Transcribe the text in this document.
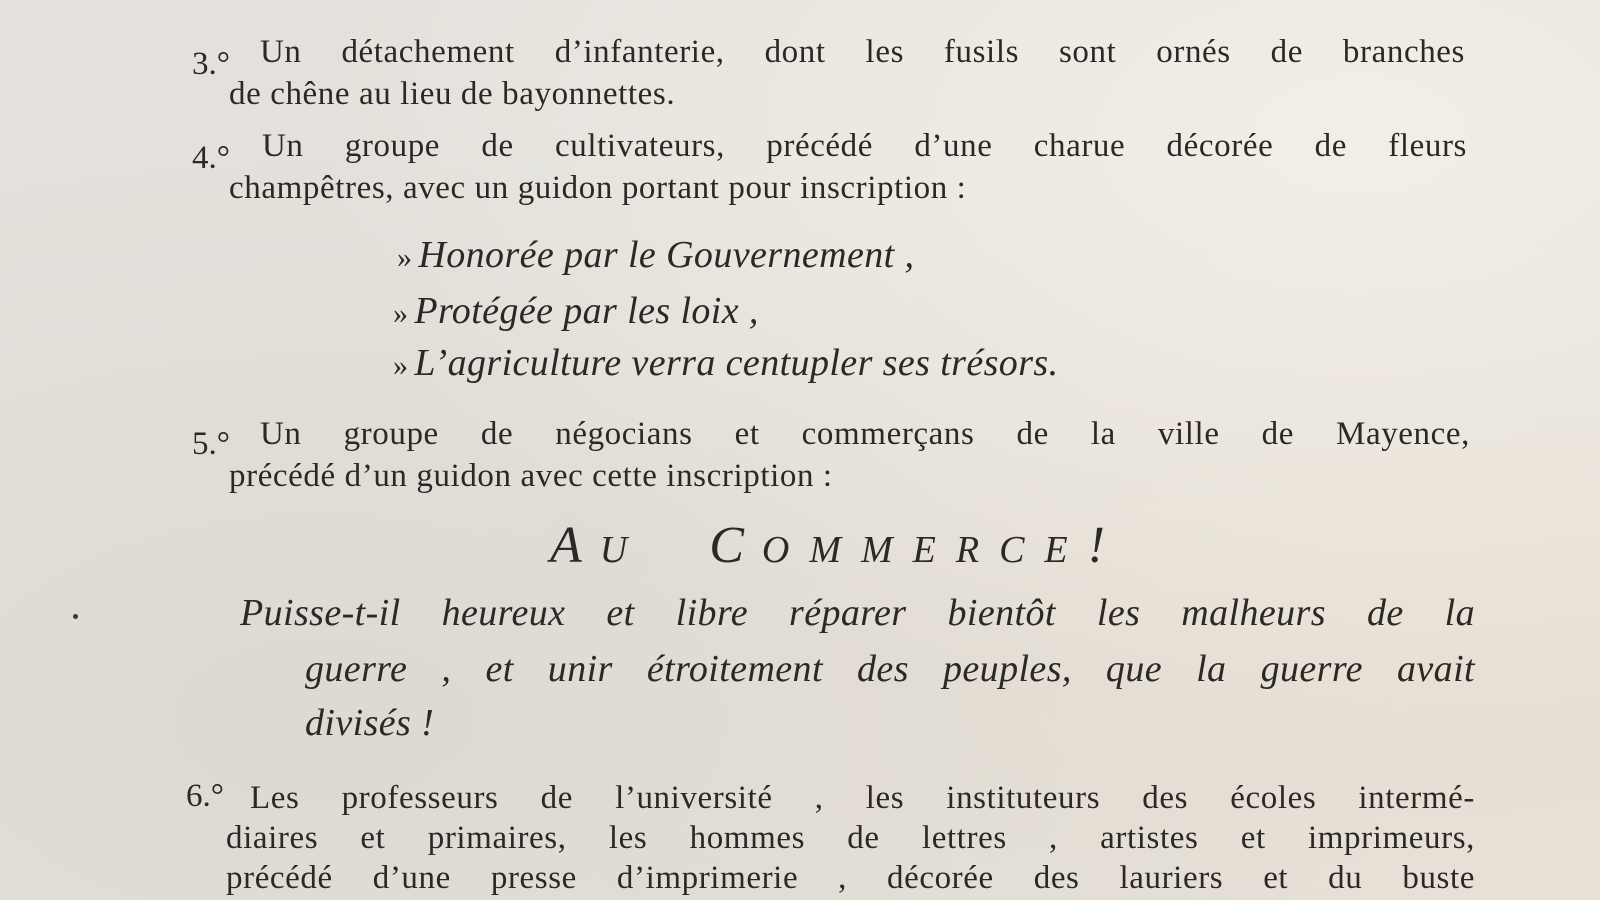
3.° Un détachement d’infanterie, dont les fusils sont ornés de branches
de chêne au lieu de bayonnettes.
4.° Un groupe de cultivateurs, précédé d’une charue décorée de fleurs
champêtres, avec un guidon portant pour inscription :
» Honorée par le Gouvernement ,
» Protégée par les loix ,
» L’agriculture verra centupler ses trésors.
5.° Un groupe de négocians et commerçans de la ville de Mayence,
précédé d’un guidon avec cette inscription :
AU COMMERCE!
Puisse-t-il heureux et libre réparer bientôt les malheurs de la
guerre , et unir étroitement des peuples, que la guerre avait
divisés !
6.° Les professeurs de l’université , les instituteurs des écoles intermé-
diaires et primaires, les hommes de lettres , artistes et imprimeurs,
précédé d’une presse d’imprimerie , décorée des lauriers et du buste
